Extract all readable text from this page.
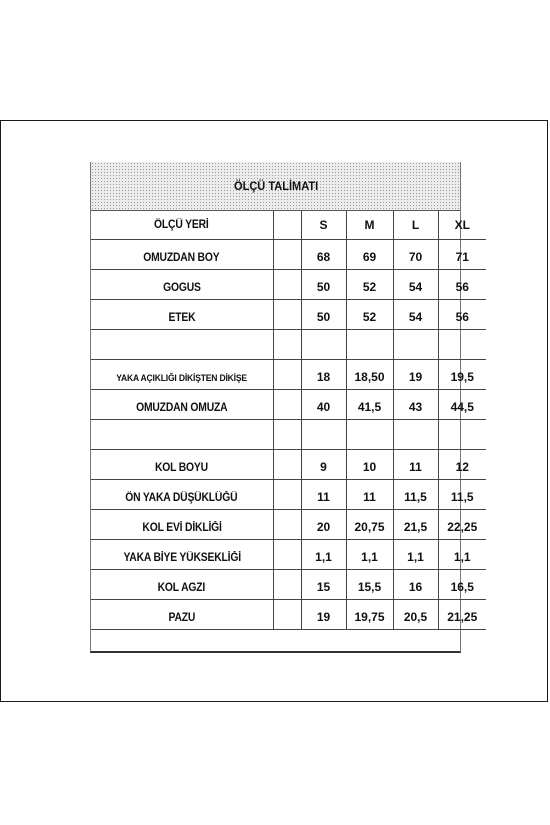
ÖLÇÜ TALİMATI
ÖLÇÜ YERİ		S	M	L	XL
OMUZDAN BOY		68	69	70	71
GOGUS		50	52	54	56
ETEK		50	52	54	56

YAKA AÇIKLIĞI DİKİŞTEN DİKİŞE		18	18,50	19	19,5
OMUZDAN OMUZA		40	41,5	43	44,5

KOL BOYU		9	10	11	12
ÖN YAKA DÜŞÜKLÜĞÜ		11	11	11,5	11,5
KOL EVİ DİKLİĞİ		20	20,75	21,5	22,25
YAKA BİYE YÜKSEKLİĞİ		1,1	1,1	1,1	1,1
KOL AGZI		15	15,5	16	16,5
PAZU		19	19,75	20,5	21,25
